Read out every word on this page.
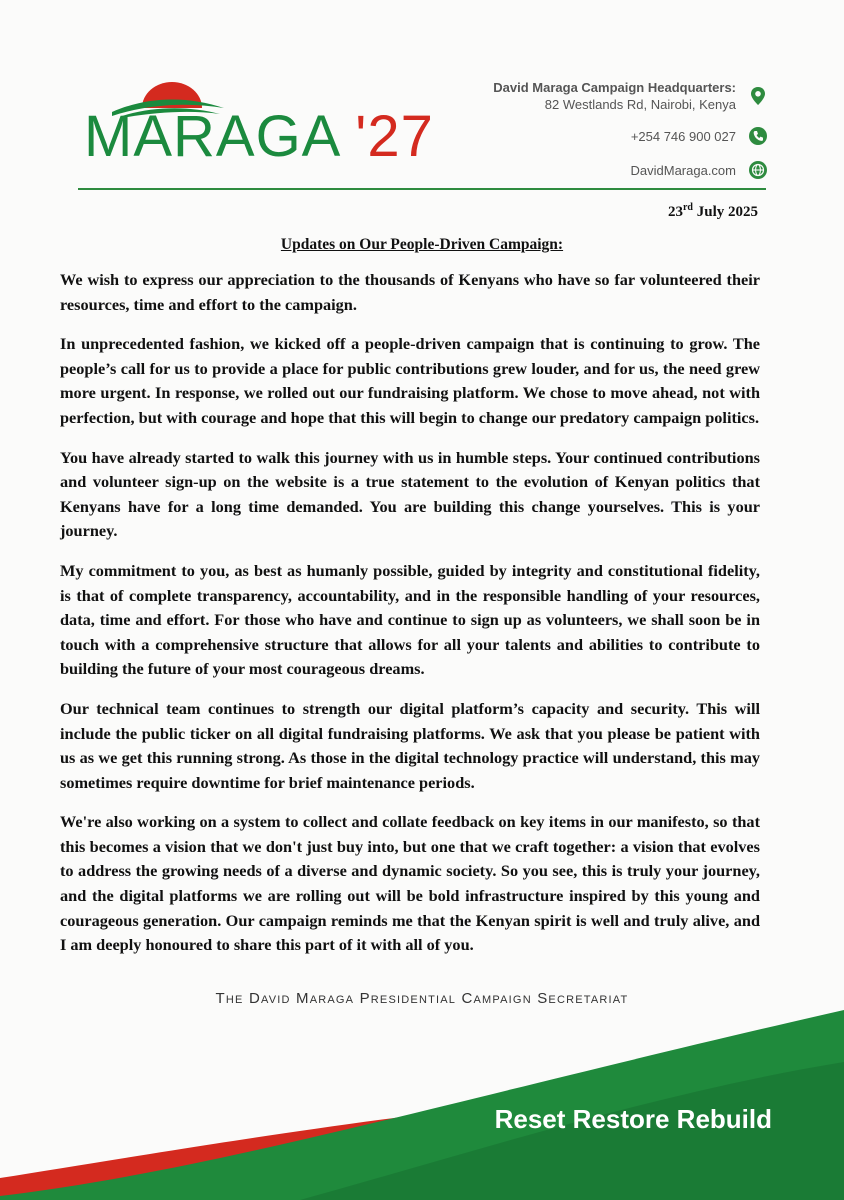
MARAGA '27
David Maraga Campaign Headquarters:
82 Westlands Rd, Nairobi, Kenya
+254 746 900 027
DavidMaraga.com
23rd July 2025
Updates on Our People-Driven Campaign:

We wish to express our appreciation to the thousands of Kenyans who have so far volunteered their resources, time and effort to the campaign.

In unprecedented fashion, we kicked off a people-driven campaign that is continuing to grow. The people’s call for us to provide a place for public contributions grew louder, and for us, the need grew more urgent. In response, we rolled out our fundraising platform. We chose to move ahead, not with perfection, but with courage and hope that this will begin to change our predatory campaign politics.

You have already started to walk this journey with us in humble steps. Your continued contributions and volunteer sign-up on the website is a true statement to the evolution of Kenyan politics that Kenyans have for a long time demanded. You are building this change yourselves. This is your journey.

My commitment to you, as best as humanly possible, guided by integrity and constitutional fidelity, is that of complete transparency, accountability, and in the responsible handling of your resources, data, time and effort. For those who have and continue to sign up as volunteers, we shall soon be in touch with a comprehensive structure that allows for all your talents and abilities to contribute to building the future of your most courageous dreams.

Our technical team continues to strength our digital platform’s capacity and security. This will include the public ticker on all digital fundraising platforms. We ask that you please be patient with us as we get this running strong. As those in the digital technology practice will understand, this may sometimes require downtime for brief maintenance periods.

We're also working on a system to collect and collate feedback on key items in our manifesto, so that this becomes a vision that we don't just buy into, but one that we craft together: a vision that evolves to address the growing needs of a diverse and dynamic society. So you see, this is truly your journey, and the digital platforms we are rolling out will be bold infrastructure inspired by this young and courageous generation. Our campaign reminds me that the Kenyan spirit is well and truly alive, and I am deeply honoured to share this part of it with all of you.

The David Maraga Presidential Campaign Secretariat
Reset Restore Rebuild
